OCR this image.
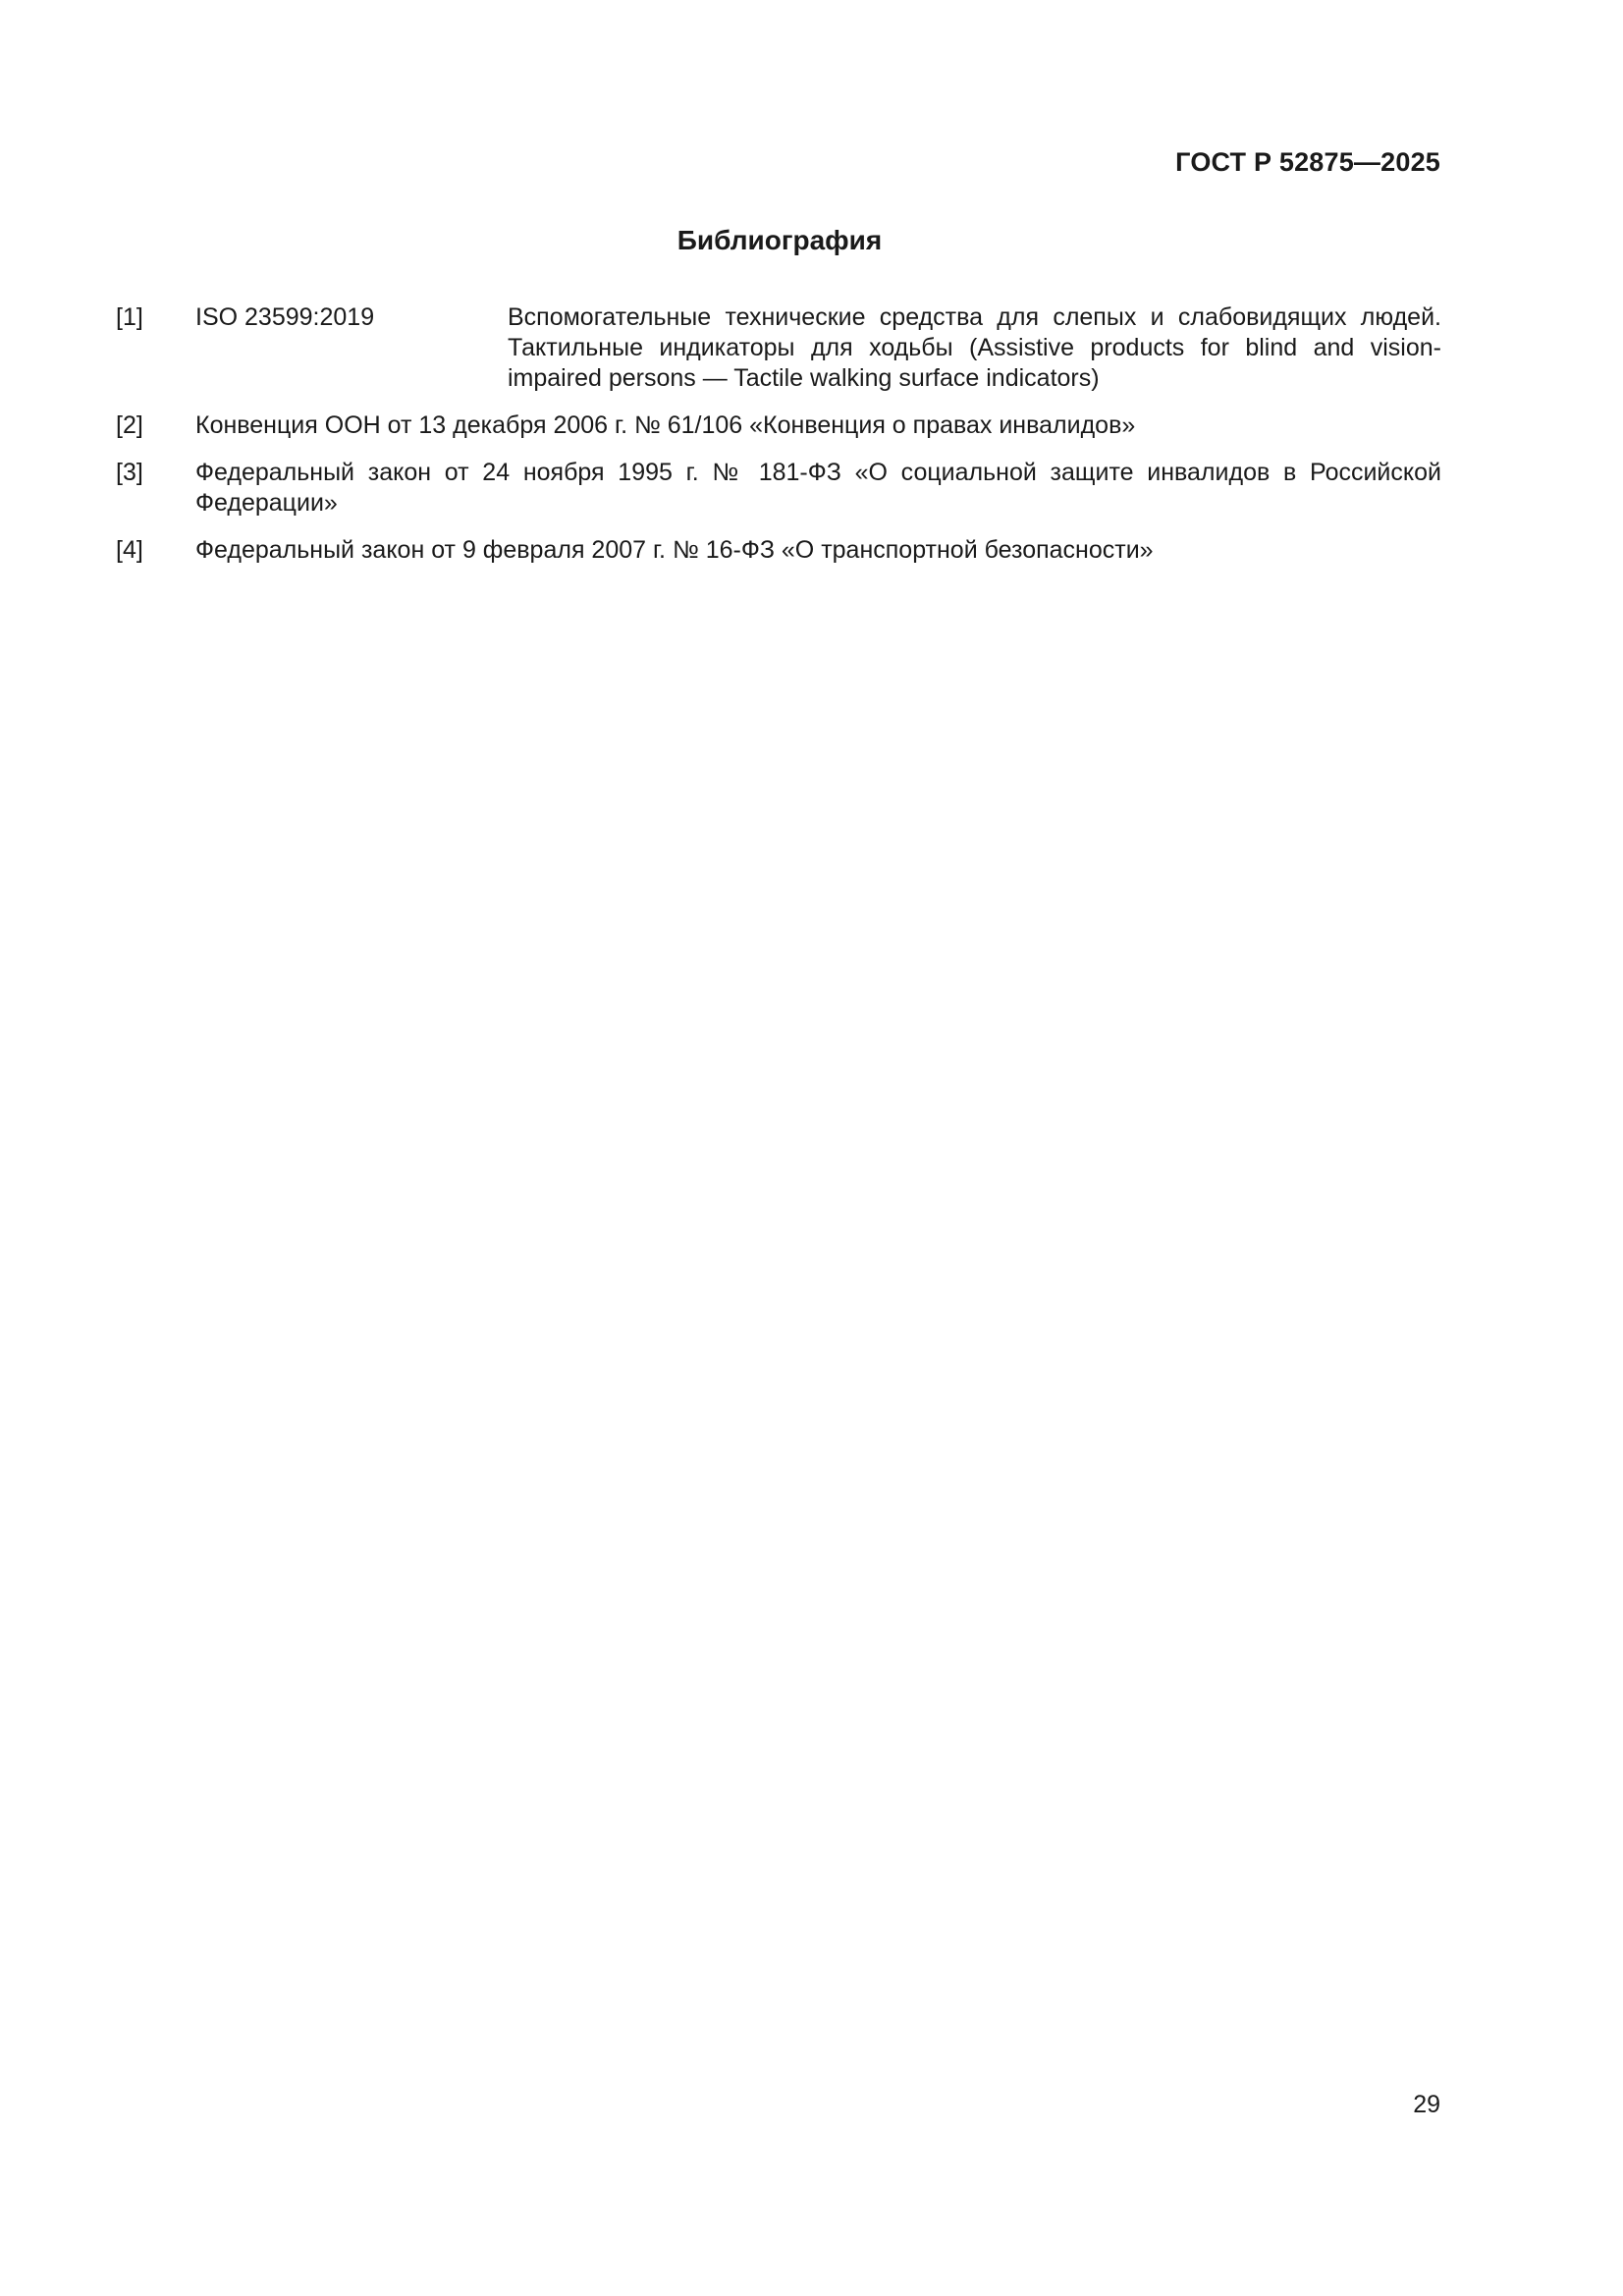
ГОСТ Р 52875—2025
Библиография
[1] ISO 23599:2019	Вспомогательные технические средства для слепых и слабовидящих людей. Тактильные индикаторы для ходьбы (Assistive products for blind and vision-impaired persons — Tactile walking surface indicators)
[2] Конвенция ООН от 13 декабря 2006 г. № 61/106 «Конвенция о правах инвалидов»
[3] Федеральный закон от 24 ноября 1995 г. № 181-ФЗ «О социальной защите инвалидов в Российской Федерации»
[4] Федеральный закон от 9 февраля 2007 г. № 16-ФЗ «О транспортной безопасности»
29
